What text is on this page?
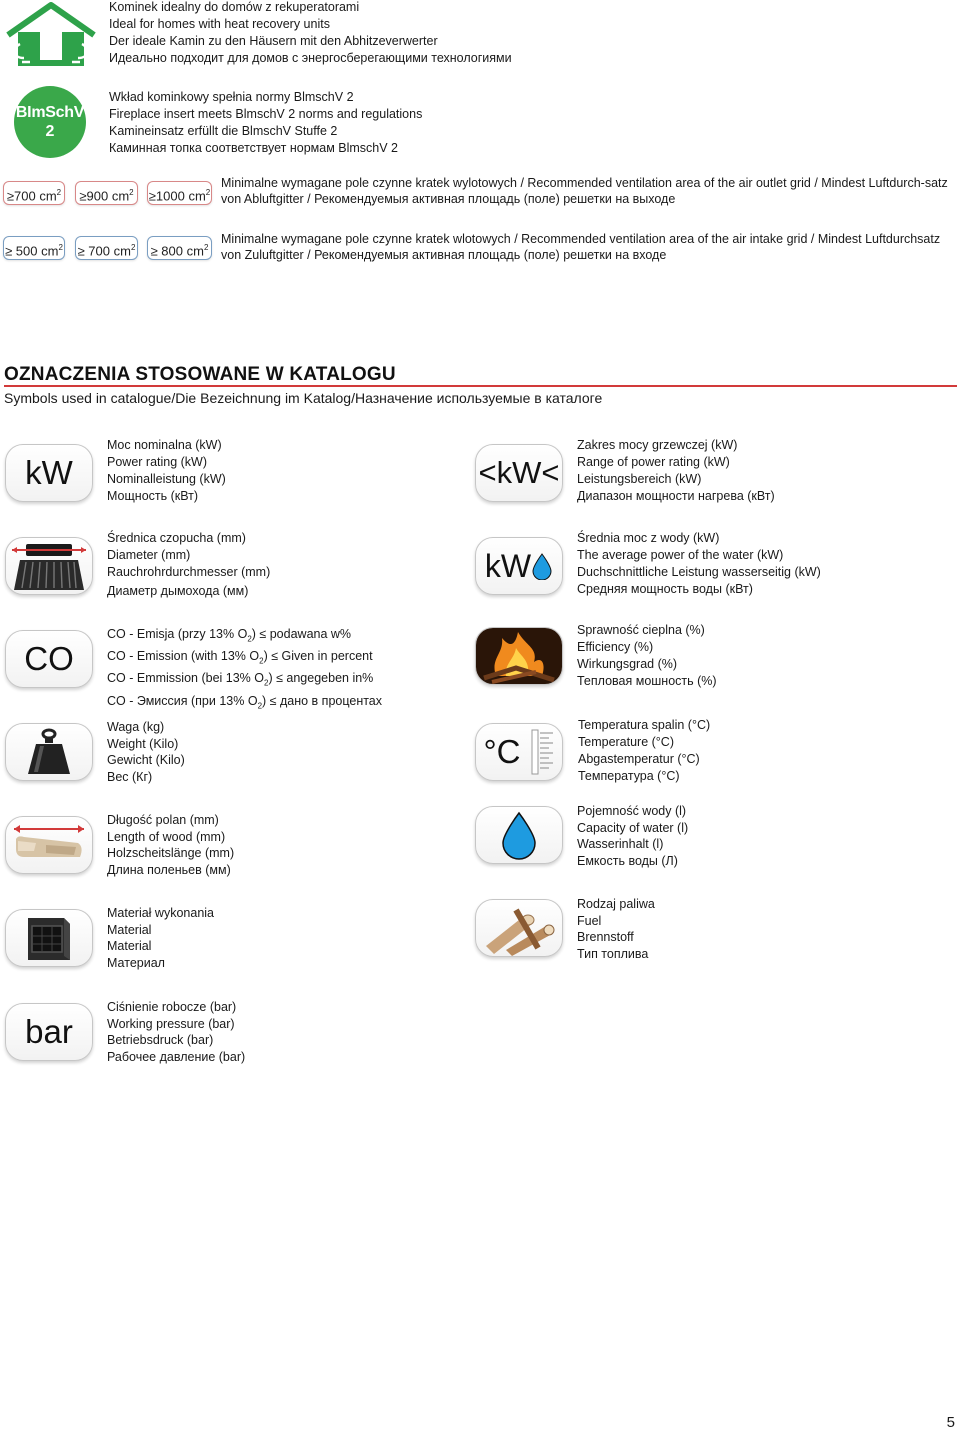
Kominek idealny do domów z rekuperatorami
Ideal for homes with heat recovery units
Der ideale Kamin zu den Häusern mit den Abhitzeverwerter
Идеально подходит для домов с энергосберегающими технологиями
BImSchV
2
Wkład kominkowy spełnia normy BlmschV 2
Fireplace insert meets BlmschV 2 norms and regulations
Kamineinsatz erfüllt die BlmschV Stuffe 2
Каминная топка соответствует нормам BlmschV 2
≥700 $cm^2$	≥900 $cm^2$	≥1000 $cm^2$
Minimalne wymagane pole czynne kratek wylotowych / Recommended ventilation area of the air outlet grid / Mindest Luftdurch-satz von Abluftgitter / Рекомендуемыя активная площадь (поле) решетки на выходе
≥ 500 $cm^2 \ge 700$ $cm^2 \ge 800$ $cm^2$
Minimalne wymagane pole czynne kratek wlotowych / Recommended ventilation area of the air intake grid / Mindest Luftdurchsatz von Zuluftgitter / Рекомендуемыя активная площадь (поле) решетки на входе
OZNACZENIA STOSOWANE W KATALOGU
Symbols used in catalogue/Die Bezeichnung im Katalog/Назначение используемые в каталоге
kW
Moc nominalna (kW)
Power rating (kW)
Nominalleistung (kW)
Мощность (кВт)
Średnica czopucha (mm)
Diameter (mm)
Rauchrohrdurchmesser (mm)
Диаметр дымохода (мм)
CO
CO - Emisja (przy 13% $O_2$) ≤ podawana w%
CO - Emission (with 13% $O_2$) ≤ Given in percent
CO - Emmission (bei 13% $O_2$) ≤ angegeben in%
CO - Эмиссия (при 13% $O_2$) ≤ дано в процентах
Waga (kg)
Weight (Kilo)
Gewicht (Kilo)
Вес (Кг)
Długość polan (mm)
Length of wood (mm)
Holzscheitslänge (mm)
Длина поленьев (мм)
Materiał wykonania
Material
Material
Материал
bar
Ciśnienie robocze (bar)
Working pressure (bar)
Betriebsdruck (bar)
Рабочее давление (bar)
<kW<
Zakres mocy grzewczej (kW)
Range of power rating (kW)
Leistungsbereich (kW)
Диапазон мощности нагрева (кВт)
kW
Średnia moc z wody (kW)
The average power of the water (kW)
Duchschnittliche Leistung wasserseitig (kW)
Средняя мощность воды (кВт)
Sprawność cieplna (%)
Efficiency (%)
Wirkungsgrad (%)
Тепловая мошность (%)
°C
Temperatura spalin (°C)
Temperature (°C)
Abgastemperatur (°C)
Температура (°C)
Pojemność wody (l)
Capacity of water (l)
Wasserinhalt (l)
Емкость воды (Л)
Rodzaj paliwa
Fuel
Brennstoff
Тип топлива
5
